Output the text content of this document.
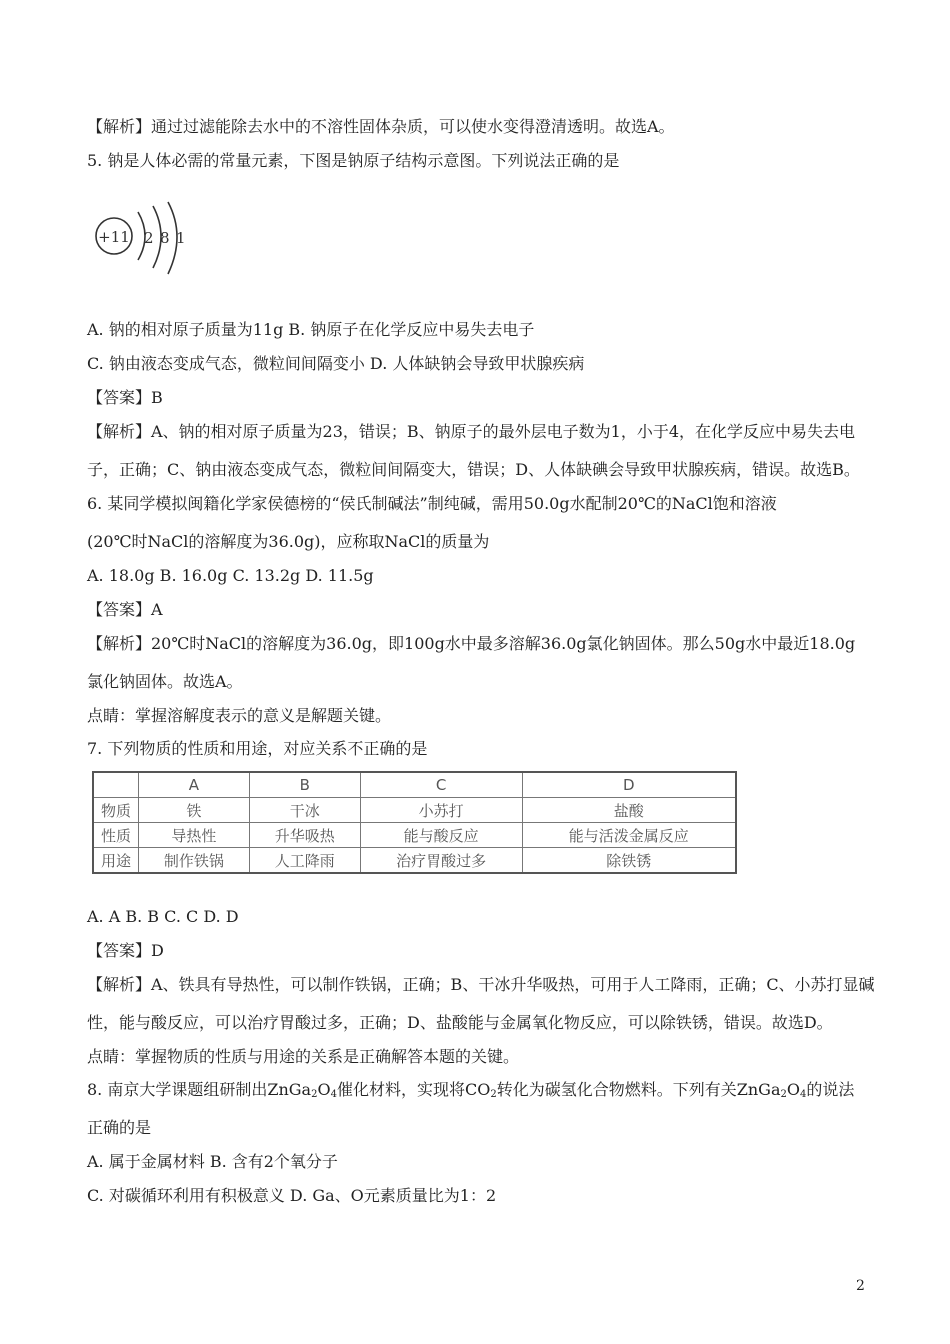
【解析】通过过滤能除去水中的不溶性固体杂质，可以使水变得澄清透明。故选A。
5. 钠是人体必需的常量元素，下图是钠原子结构示意图。下列说法正确的是
+11 2 8 1
A. 钠的相对原子质量为11g B. 钠原子在化学反应中易失去电子
C. 钠由液态变成气态，微粒间间隔变小 D. 人体缺钠会导致甲状腺疾病
【答案】B
【解析】A、钠的相对原子质量为23，错误；B、钠原子的最外层电子数为1，小于4，在化学反应中易失去电
子，正确；C、钠由液态变成气态，微粒间间隔变大，错误；D、人体缺碘会导致甲状腺疾病，错误。故选B。
6. 某同学模拟闽籍化学家侯德榜的“侯氏制碱法”制纯碱，需用50.0g水配制20℃的NaCl饱和溶液
(20℃时NaCl的溶解度为36.0g)，应称取NaCl的质量为
A. 18.0g B. 16.0g C. 13.2g D. 11.5g
【答案】A
【解析】20℃时NaCl的溶解度为36.0g，即100g水中最多溶解36.0g氯化钠固体。那么50g水中最近18.0g
氯化钠固体。故选A。
点睛：掌握溶解度表示的意义是解题关键。
7. 下列物质的性质和用途，对应关系不正确的是
	A	B	C	D
物质	铁	干冰	小苏打	盐酸
性质	导热性	升华吸热	能与酸反应	能与活泼金属反应
用途	制作铁锅	人工降雨	治疗胃酸过多	除铁锈
A. A B. B C. C D. D
【答案】D
【解析】A、铁具有导热性，可以制作铁锅，正确；B、干冰升华吸热，可用于人工降雨，正确；C、小苏打显碱
性，能与酸反应，可以治疗胃酸过多，正确；D、盐酸能与金属氧化物反应，可以除铁锈，错误。故选D。
点睛：掌握物质的性质与用途的关系是正确解答本题的关键。
8. 南京大学课题组研制出$ZnGa_2O_4$催化材料，实现将$CO_2$转化为碳氢化合物燃料。下列有关$ZnGa_2O_4$的说法
正确的是
A. 属于金属材料 B. 含有2个氧分子
C. 对碳循环利用有积极意义 D. Ga、O元素质量比为1：2
2
